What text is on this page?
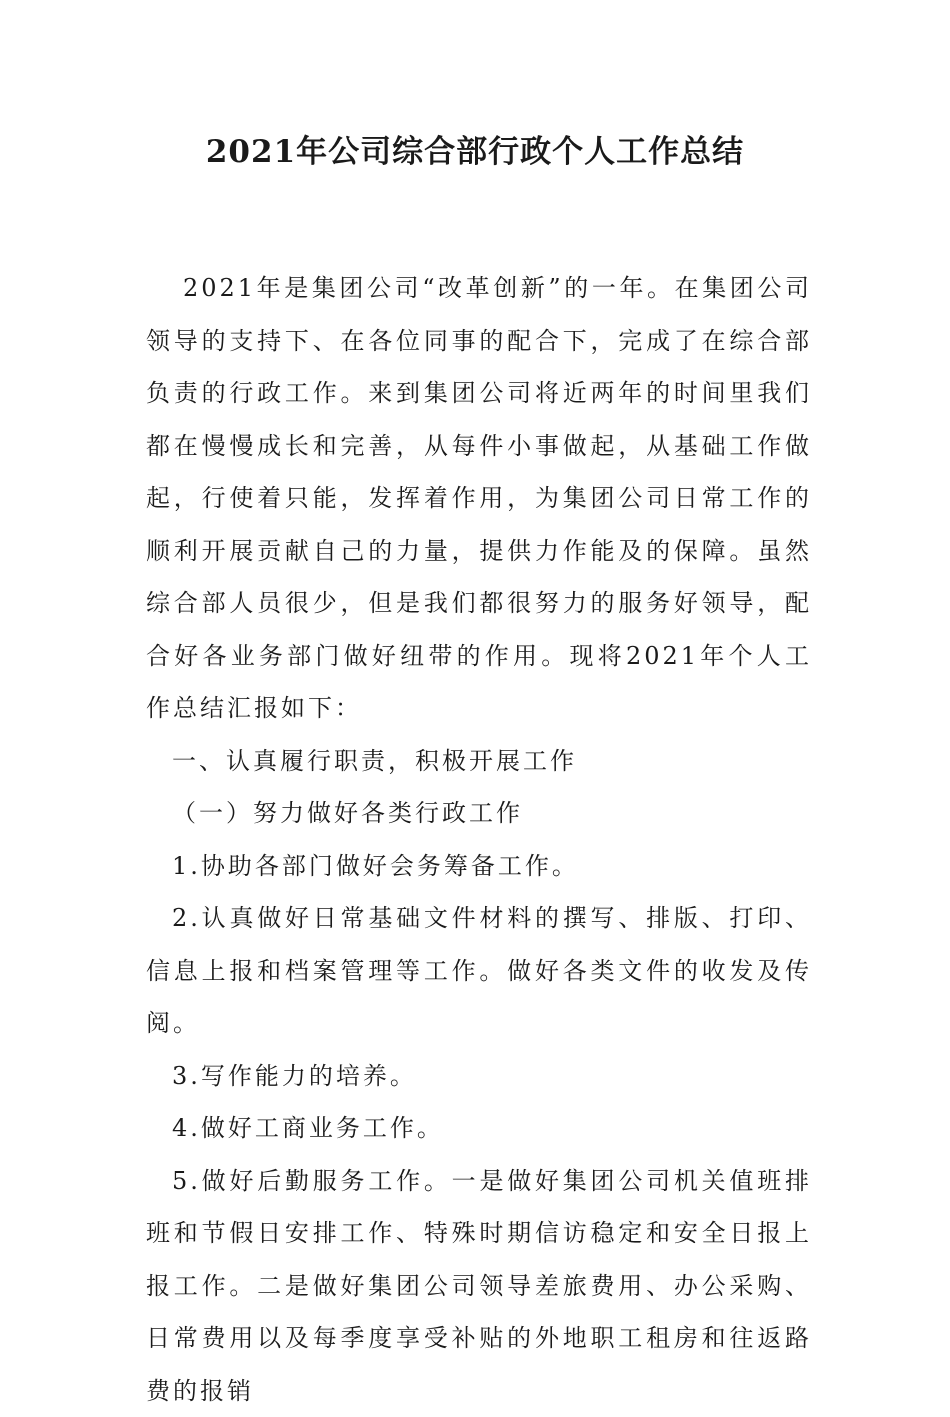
2021年公司综合部行政个人工作总结

2021年是集团公司“改革创新”的一年。在集团公司领导的支持下、在各位同事的配合下，完成了在综合部负责的行政工作。来到集团公司将近两年的时间里我们都在慢慢成长和完善，从每件小事做起，从基础工作做起，行使着只能，发挥着作用，为集团公司日常工作的顺利开展贡献自己的力量，提供力作能及的保障。虽然综合部人员很少，但是我们都很努力的服务好领导，配合好各业务部门做好纽带的作用。现将2021年个人工作总结汇报如下：

一、认真履行职责，积极开展工作

（一）努力做好各类行政工作

1.协助各部门做好会务筹备工作。

2.认真做好日常基础文件材料的撰写、排版、打印、信息上报和档案管理等工作。做好各类文件的收发及传阅。

3.写作能力的培养。

4.做好工商业务工作。

5.做好后勤服务工作。一是做好集团公司机关值班排班和节假日安排工作、特殊时期信访稳定和安全日报上报工作。二是做好集团公司领导差旅费用、办公采购、日常费用以及每季度享受补贴的外地职工租房和往返路费的报销
